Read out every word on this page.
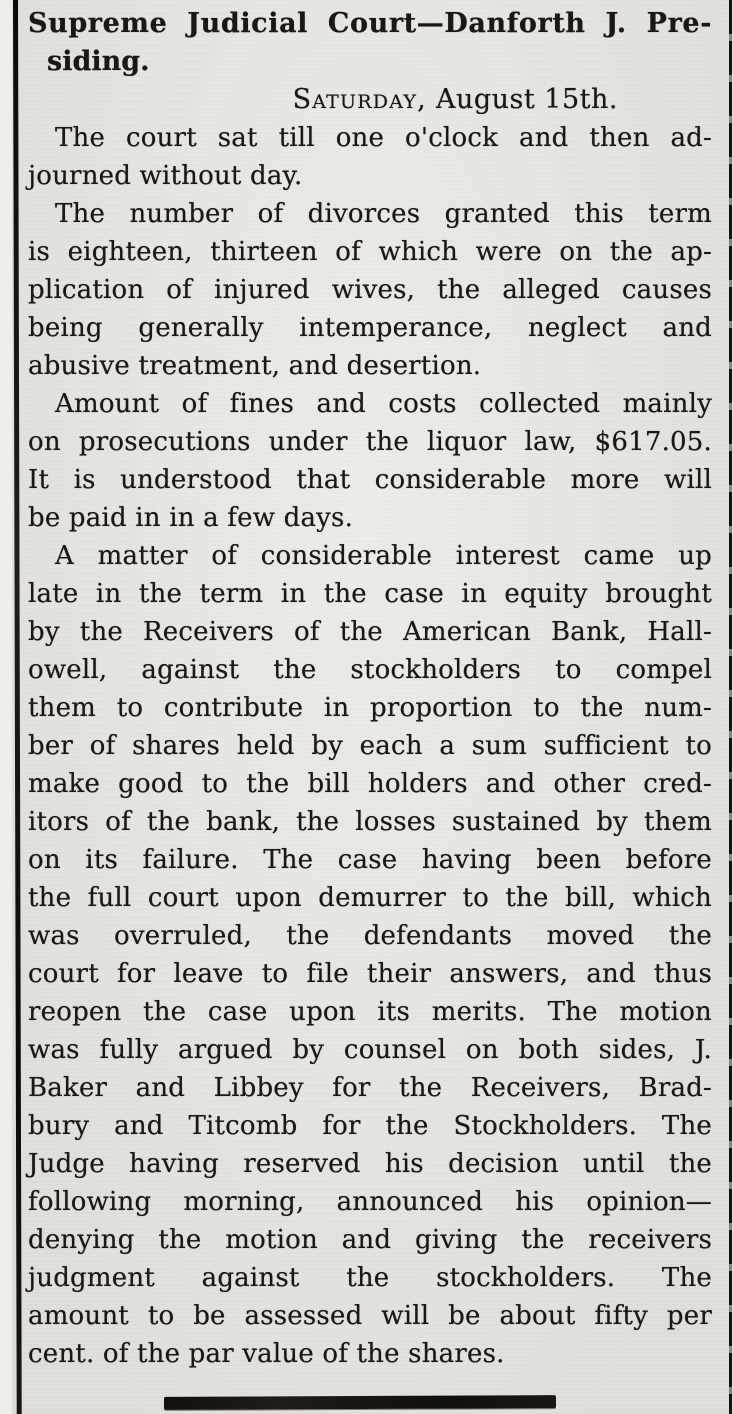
Supreme Judicial Court—Danforth J. Pre-
siding.
Saturday, August 15th.
The court sat till one o'clock and then ad-
journed without day.
The number of divorces granted this term
is eighteen, thirteen of which were on the ap-
plication of injured wives, the alleged causes
being generally intemperance, neglect and
abusive treatment, and desertion.
Amount of fines and costs collected mainly
on prosecutions under the liquor law, $617.05.
It is understood that considerable more will
be paid in in a few days.
A matter of considerable interest came up
late in the term in the case in equity brought
by the Receivers of the American Bank, Hall-
owell, against the stockholders to compel
them to contribute in proportion to the num-
ber of shares held by each a sum sufficient to
make good to the bill holders and other cred-
itors of the bank, the losses sustained by them
on its failure. The case having been before
the full court upon demurrer to the bill, which
was overruled, the defendants moved the
court for leave to file their answers, and thus
reopen the case upon its merits. The motion
was fully argued by counsel on both sides, J.
Baker and Libbey for the Receivers, Brad-
bury and Titcomb for the Stockholders. The
Judge having reserved his decision until the
following morning, announced his opinion—
denying the motion and giving the receivers
judgment against the stockholders. The
amount to be assessed will be about fifty per
cent. of the par value of the shares.
